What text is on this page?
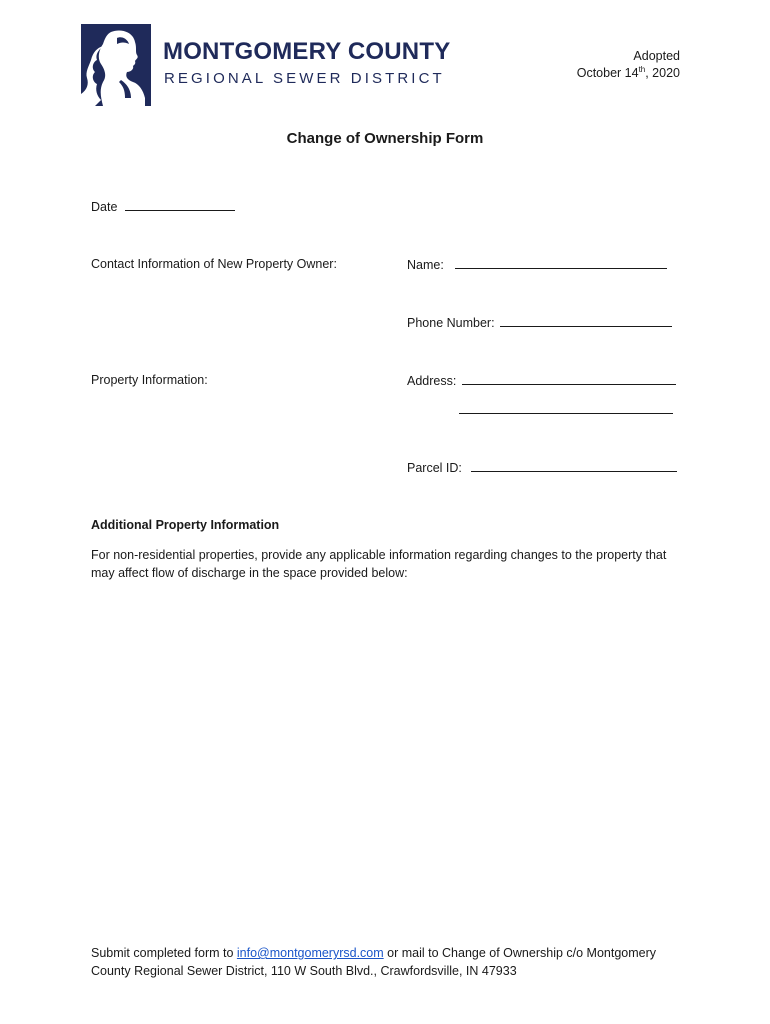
MONTGOMERY COUNTY
REGIONAL SEWER DISTRICT
Adopted
October 14th, 2020
Change of Ownership Form
Date
Contact Information of New Property Owner:	Name:
Phone Number:
Property Information:	Address:
Parcel ID:
Additional Property Information
For non-residential properties, provide any applicable information regarding changes to the property that may affect flow of discharge in the space provided below:
Submit completed form to info@montgomeryrsd.com or mail to Change of Ownership c/o Montgomery County Regional Sewer District, 110 W South Blvd., Crawfordsville, IN 47933
